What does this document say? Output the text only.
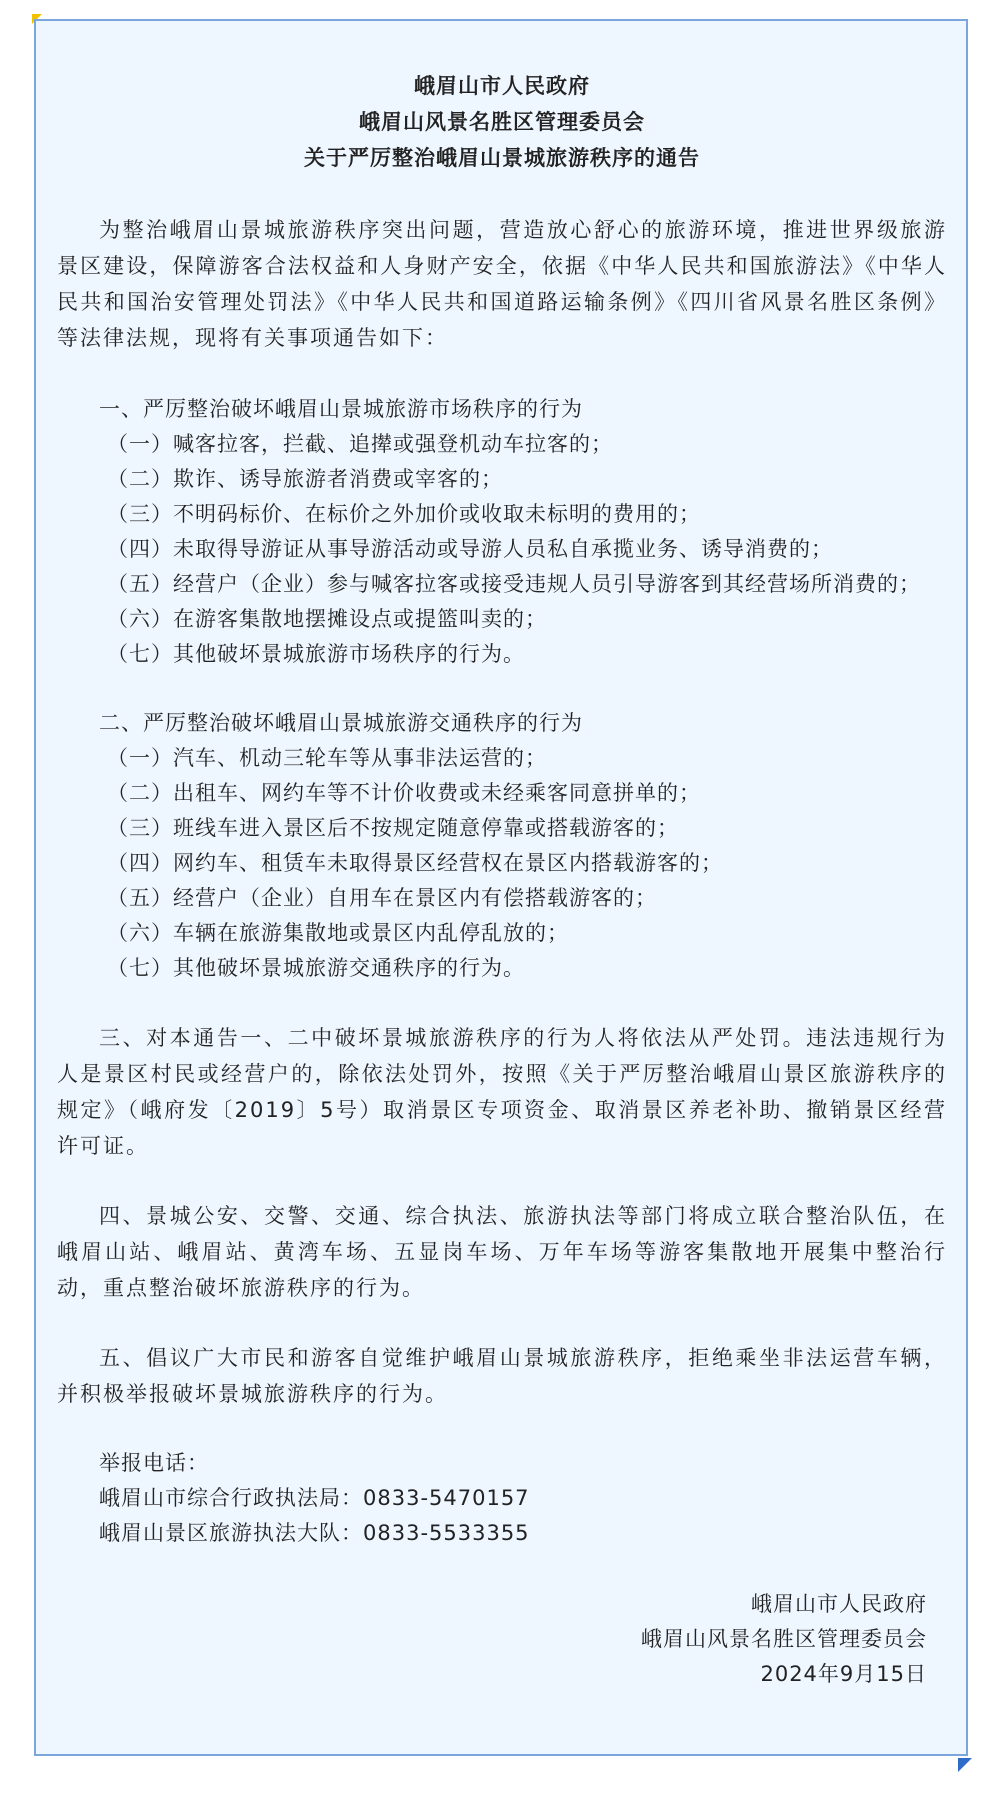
峨眉山市人民政府
峨眉山风景名胜区管理委员会
关于严厉整治峨眉山景城旅游秩序的通告
为整治峨眉山景城旅游秩序突出问题，营造放心舒心的旅游环境，推进世界级旅游景区建设，保障游客合法权益和人身财产安全，依据《中华人民共和国旅游法》《中华人民共和国治安管理处罚法》《中华人民共和国道路运输条例》《四川省风景名胜区条例》等法律法规，现将有关事项通告如下：
一、严厉整治破坏峨眉山景城旅游市场秩序的行为
（一）喊客拉客，拦截、追撵或强登机动车拉客的；
（二）欺诈、诱导旅游者消费或宰客的；
（三）不明码标价、在标价之外加价或收取未标明的费用的；
（四）未取得导游证从事导游活动或导游人员私自承揽业务、诱导消费的；
（五）经营户（企业）参与喊客拉客或接受违规人员引导游客到其经营场所消费的；
（六）在游客集散地摆摊设点或提篮叫卖的；
（七）其他破坏景城旅游市场秩序的行为。
二、严厉整治破坏峨眉山景城旅游交通秩序的行为
（一）汽车、机动三轮车等从事非法运营的；
（二）出租车、网约车等不计价收费或未经乘客同意拼单的；
（三）班线车进入景区后不按规定随意停靠或搭载游客的；
（四）网约车、租赁车未取得景区经营权在景区内搭载游客的；
（五）经营户（企业）自用车在景区内有偿搭载游客的；
（六）车辆在旅游集散地或景区内乱停乱放的；
（七）其他破坏景城旅游交通秩序的行为。
三、对本通告一、二中破坏景城旅游秩序的行为人将依法从严处罚。违法违规行为人是景区村民或经营户的，除依法处罚外，按照《关于严厉整治峨眉山景区旅游秩序的规定》（峨府发〔2019〕5号）取消景区专项资金、取消景区养老补助、撤销景区经营许可证。
四、景城公安、交警、交通、综合执法、旅游执法等部门将成立联合整治队伍，在峨眉山站、峨眉站、黄湾车场、五显岗车场、万年车场等游客集散地开展集中整治行动，重点整治破坏旅游秩序的行为。
五、倡议广大市民和游客自觉维护峨眉山景城旅游秩序，拒绝乘坐非法运营车辆，并积极举报破坏景城旅游秩序的行为。
举报电话：
峨眉山市综合行政执法局：0833-5470157
峨眉山景区旅游执法大队：0833-5533355
峨眉山市人民政府
峨眉山风景名胜区管理委员会
2024年9月15日
